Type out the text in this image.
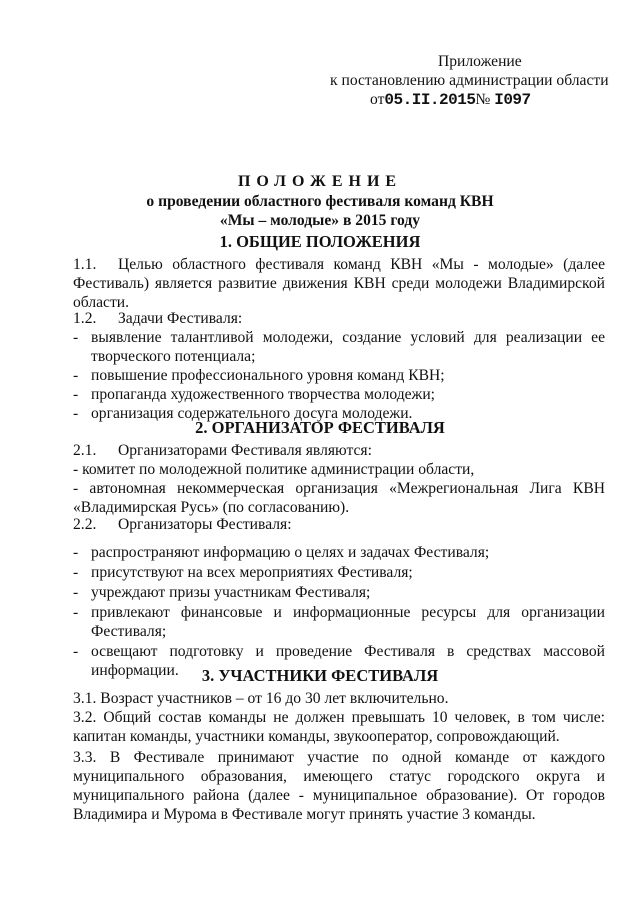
Приложение
к постановлению администрации области
от05.II.2015№ I097
ПОЛОЖЕНИЕ
о проведении областного фестиваля команд КВН
«Мы – молодые» в 2015 году
1. ОБЩИЕ ПОЛОЖЕНИЯ
1.1. Целью областного фестиваля команд КВН «Мы - молодые» (далее
Фестиваль) является развитие движения КВН среди молодежи Владимирской
области.
1.2. Задачи Фестиваля:
- выявление талантливой молодежи, создание условий для реализации ее
творческого потенциала;
- повышение профессионального уровня команд КВН;
- пропаганда художественного творчества молодежи;
- организация содержательного досуга молодежи.
2. ОРГАНИЗАТОР ФЕСТИВАЛЯ
2.1. Организаторами Фестиваля являются:
- комитет по молодежной политике администрации области,
- автономная некоммерческая организация «Межрегиональная Лига КВН
«Владимирская Русь» (по согласованию).
2.2. Организаторы Фестиваля:
- распространяют информацию о целях и задачах Фестиваля;
- присутствуют на всех мероприятиях Фестиваля;
- учреждают призы участникам Фестиваля;
- привлекают финансовые и информационные ресурсы для организации
Фестиваля;
- освещают подготовку и проведение Фестиваля в средствах массовой
информации.	3. УЧАСТНИКИ ФЕСТИВАЛЯ
3.1. Возраст участников – от 16 до 30 лет включительно.
3.2. Общий состав команды не должен превышать 10 человек, в том числе:
капитан команды, участники команды, звукооператор, сопровождающий.
3.3. В Фестивале принимают участие по одной команде от каждого
муниципального образования, имеющего статус городского округа и
муниципального района (далее - муниципальное образование). От городов
Владимира и Мурома в Фестивале могут принять участие 3 команды.
